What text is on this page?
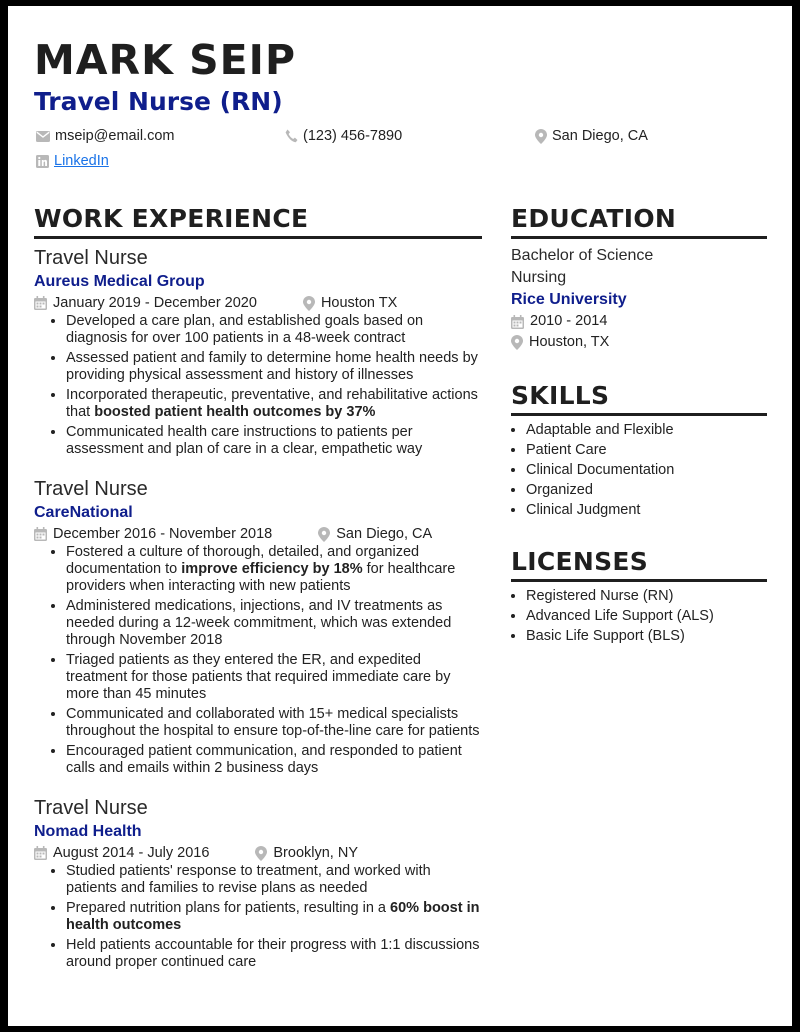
MARK SEIP
Travel Nurse (RN)
mseip@email.com	(123) 456-7890	San Diego, CA
LinkedIn
WORK EXPERIENCE
Travel Nurse
Aureus Medical Group
January 2019 - December 2020	Houston TX
• Developed a care plan, and established goals based on diagnosis for over 100 patients in a 48-week contract
• Assessed patient and family to determine home health needs by providing physical assessment and history of illnesses
• Incorporated therapeutic, preventative, and rehabilitative actions that boosted patient health outcomes by 37%
• Communicated health care instructions to patients per assessment and plan of care in a clear, empathetic way
Travel Nurse
CareNational
December 2016 - November 2018	San Diego, CA
• Fostered a culture of thorough, detailed, and organized documentation to improve efficiency by 18% for healthcare providers when interacting with new patients
• Administered medications, injections, and IV treatments as needed during a 12-week commitment, which was extended through November 2018
• Triaged patients as they entered the ER, and expedited treatment for those patients that required immediate care by more than 45 minutes
• Communicated and collaborated with 15+ medical specialists throughout the hospital to ensure top-of-the-line care for patients
• Encouraged patient communication, and responded to patient calls and emails within 2 business days
Travel Nurse
Nomad Health
August 2014 - July 2016	Brooklyn, NY
• Studied patients' response to treatment, and worked with patients and families to revise plans as needed
• Prepared nutrition plans for patients, resulting in a 60% boost in health outcomes
• Held patients accountable for their progress with 1:1 discussions around proper continued care
EDUCATION
Bachelor of Science
Nursing
Rice University
2010 - 2014
Houston, TX
SKILLS
• Adaptable and Flexible
• Patient Care
• Clinical Documentation
• Organized
• Clinical Judgment
LICENSES
• Registered Nurse (RN)
• Advanced Life Support (ALS)
• Basic Life Support (BLS)
